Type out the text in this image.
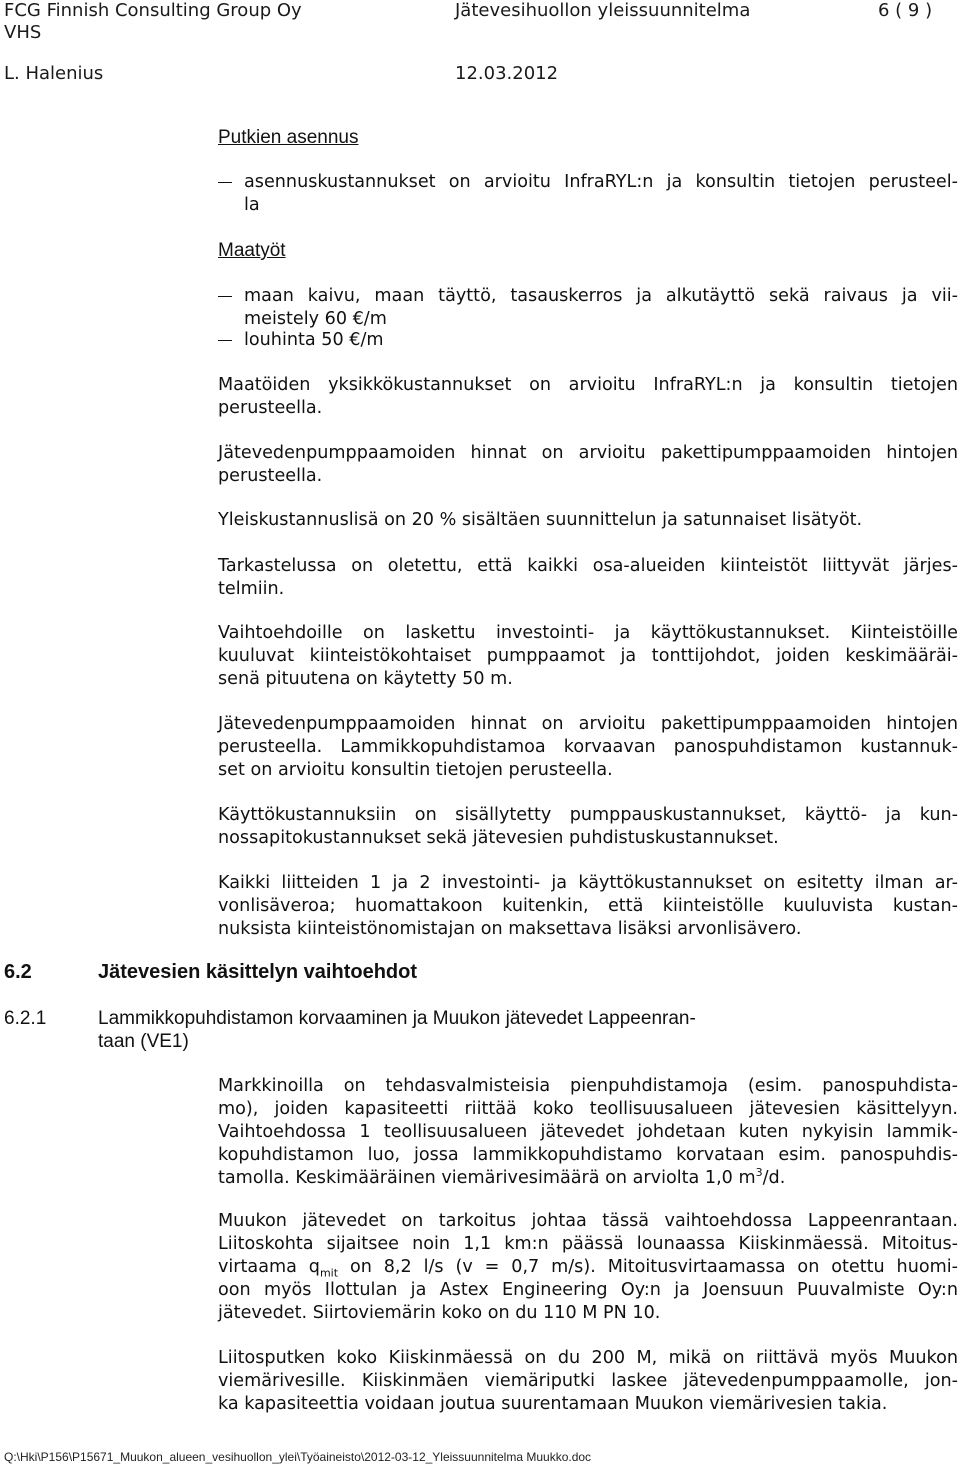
FCG Finnish Consulting Group Oy	Jätevesihuollon yleissuunnitelma	6 ( 9 )
VHS
L. Halenius	12.03.2012
Putkien asennus
asennuskustannukset on arvioitu InfraRYL:n ja konsultin tietojen perusteel-
la
Maatyöt
maan kaivu, maan täyttö, tasauskerros ja alkutäyttö sekä raivaus ja vii-
meistely 60 €/m
louhinta 50 €/m
Maatöiden yksikkökustannukset on arvioitu InfraRYL:n ja konsultin tietojen
perusteella.
Jätevedenpumppaamoiden hinnat on arvioitu pakettipumppaamoiden hintojen
perusteella.
Yleiskustannuslisä on 20 % sisältäen suunnittelun ja satunnaiset lisätyöt.
Tarkastelussa on oletettu, että kaikki osa-alueiden kiinteistöt liittyvät järjes-
telmiin.
Vaihtoehdoille on laskettu investointi- ja käyttökustannukset. Kiinteistöille
kuuluvat kiinteistökohtaiset pumppaamot ja tonttijohdot, joiden keskimääräi-
senä pituutena on käytetty 50 m.
Jätevedenpumppaamoiden hinnat on arvioitu pakettipumppaamoiden hintojen
perusteella. Lammikkopuhdistamoa korvaavan panospuhdistamon kustannuk-
set on arvioitu konsultin tietojen perusteella.
Käyttökustannuksiin on sisällytetty pumppauskustannukset, käyttö- ja kun-
nossapitokustannukset sekä jätevesien puhdistuskustannukset.
Kaikki liitteiden 1 ja 2 investointi- ja käyttökustannukset on esitetty ilman ar-
vonlisäveroa; huomattakoon kuitenkin, että kiinteistölle kuuluvista kustan-
nuksista kiinteistönomistajan on maksettava lisäksi arvonlisävero.
6.2	Jätevesien käsittelyn vaihtoehdot
6.2.1	Lammikkopuhdistamon korvaaminen ja Muukon jätevedet Lappeenran-
taan (VE1)
Markkinoilla on tehdasvalmisteisia pienpuhdistamoja (esim. panospuhdista-
mo), joiden kapasiteetti riittää koko teollisuusalueen jätevesien käsittelyyn.
Vaihtoehdossa 1 teollisuusalueen jätevedet johdetaan kuten nykyisin lammik-
kopuhdistamon luo, jossa lammikkopuhdistamo korvataan esim. panospuhdis-
tamolla. Keskimääräinen viemärivesimäärä on arviolta 1,0 $m^3/d$.
Muukon jätevedet on tarkoitus johtaa tässä vaihtoehdossa Lappeenrantaan.
Liitoskohta sijaitsee noin 1,1 km:n päässä lounaassa Kiiskinmäessä. Mitoitus-
virtaama $q_{mit}$ on 8,2 l/s (v = 0,7 m/s). Mitoitusvirtaamassa on otettu huomi-
oon myös Ilottulan ja Astex Engineering Oy:n ja Joensuun Puuvalmiste Oy:n
jätevedet. Siirtoviemärin koko on du 110 M PN 10.
Liitosputken koko Kiiskinmäessä on du 200 M, mikä on riittävä myös Muukon
viemärivesille. Kiiskinmäen viemäriputki laskee jätevedenpumppaamolle, jon-
ka kapasiteettia voidaan joutua suurentamaan Muukon viemärivesien takia.
Q:\Hki\P156\P15671_Muukon_alueen_vesihuollon_ylei\Työaineisto\2012-03-12_Yleissuunnitelma Muukko.doc
